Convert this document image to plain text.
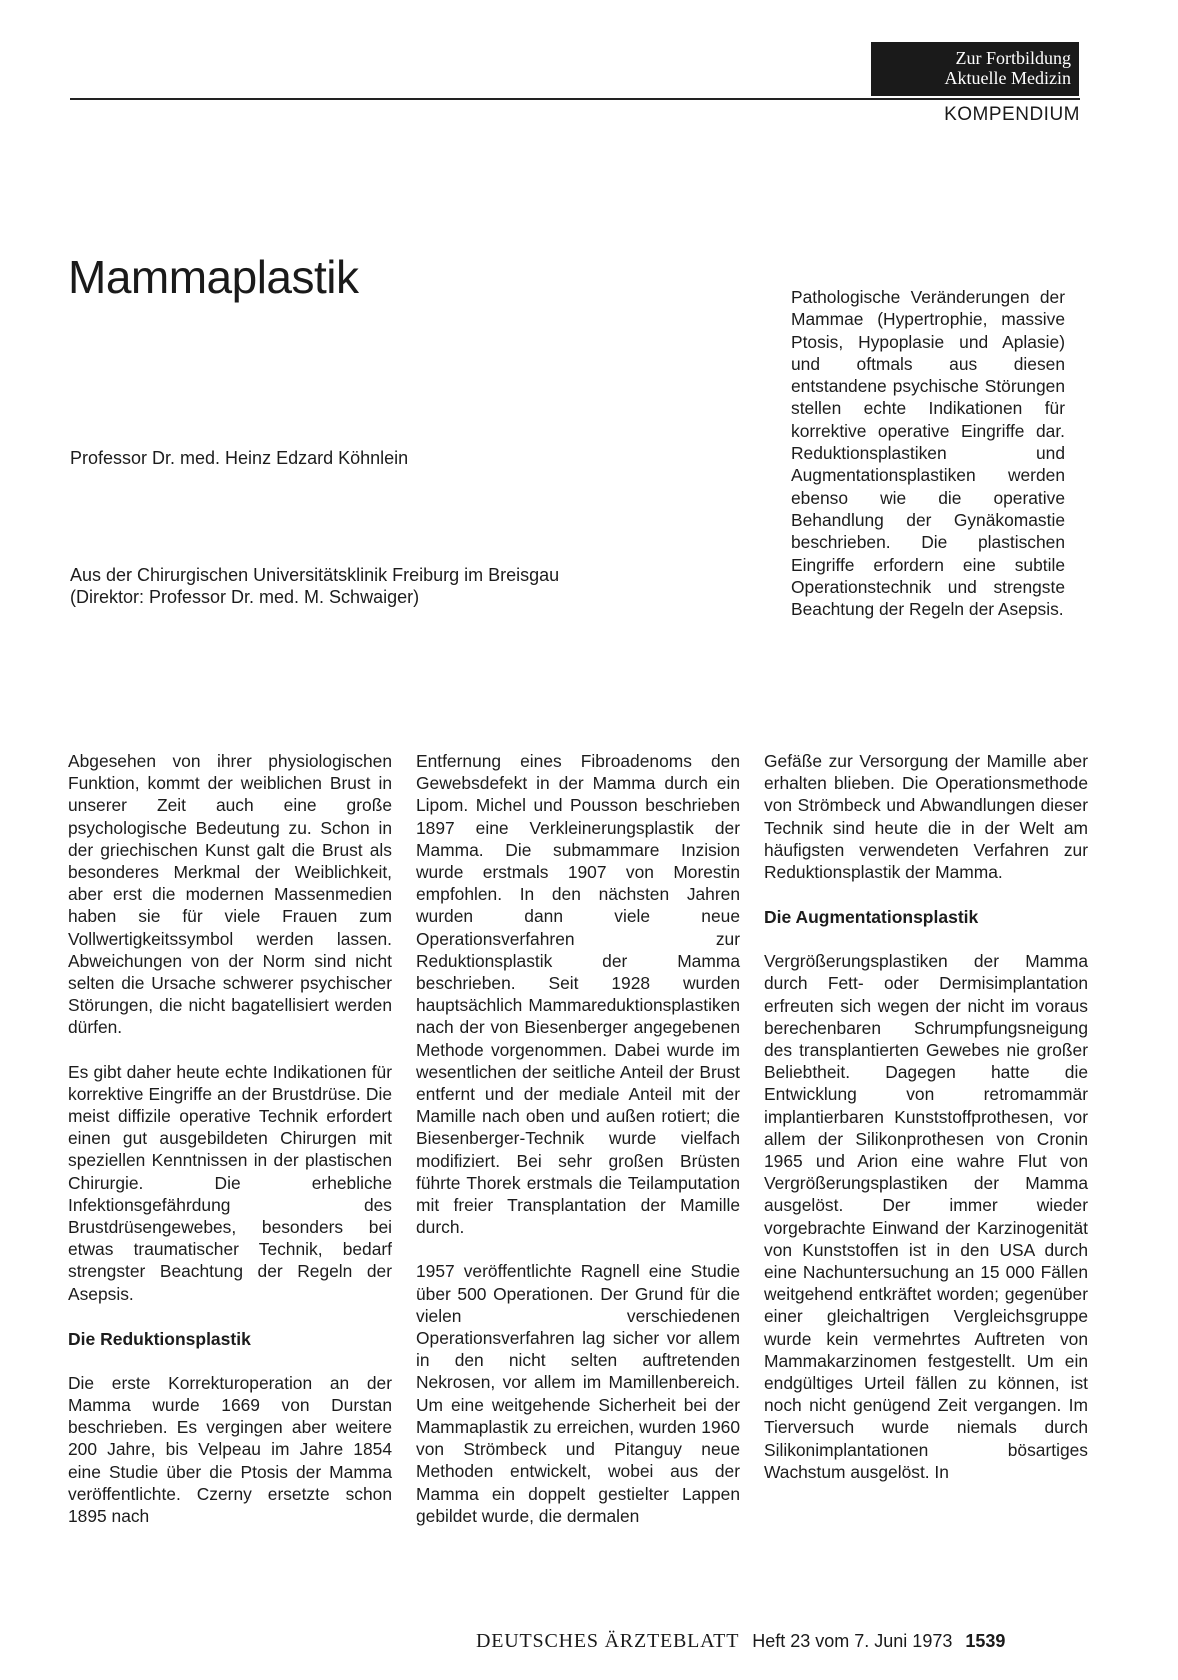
Zur Fortbildung
Aktuelle Medizin
KOMPENDIUM
Mammaplastik
Professor Dr. med. Heinz Edzard Köhnlein
Aus der Chirurgischen Universitätsklinik Freiburg im Breisgau
(Direktor: Professor Dr. med. M. Schwaiger)
Pathologische Veränderungen der Mammae (Hypertrophie, massive Ptosis, Hypoplasie und Aplasie) und oftmals aus diesen entstandene psychische Störungen stellen echte Indikationen für korrektive operative Eingriffe dar. Reduktionsplastiken und Augmentationsplastiken werden ebenso wie die operative Behandlung der Gynäkomastie beschrieben. Die plastischen Eingriffe erfordern eine subtile Operationstechnik und strengste Beachtung der Regeln der Asepsis.

Abgesehen von ihrer physiologischen Funktion, kommt der weiblichen Brust in unserer Zeit auch eine große psychologische Bedeutung zu. Schon in der griechischen Kunst galt die Brust als besonderes Merkmal der Weiblichkeit, aber erst die modernen Massenmedien haben sie für viele Frauen zum Vollwertigkeitssymbol werden lassen. Abweichungen von der Norm sind nicht selten die Ursache schwerer psychischer Störungen, die nicht bagatellisiert werden dürfen.

Es gibt daher heute echte Indikationen für korrektive Eingriffe an der Brustdrüse. Die meist diffizile operative Technik erfordert einen gut ausgebildeten Chirurgen mit speziellen Kenntnissen in der plastischen Chirurgie. Die erhebliche Infektionsgefährdung des Brustdrüsengewebes, besonders bei etwas traumatischer Technik, bedarf strengster Beachtung der Regeln der Asepsis.

Die Reduktionsplastik

Die erste Korrekturoperation an der Mamma wurde 1669 von Durstan beschrieben. Es vergingen aber weitere 200 Jahre, bis Velpeau im Jahre 1854 eine Studie über die Ptosis der Mamma veröffentlichte. Czerny ersetzte schon 1895 nach

Entfernung eines Fibroadenoms den Gewebsdefekt in der Mamma durch ein Lipom. Michel und Pousson beschrieben 1897 eine Verkleinerungsplastik der Mamma. Die submammare Inzision wurde erstmals 1907 von Morestin empfohlen. In den nächsten Jahren wurden dann viele neue Operationsverfahren zur Reduktionsplastik der Mamma beschrieben. Seit 1928 wurden hauptsächlich Mammareduktionsplastiken nach der von Biesenberger angegebenen Methode vorgenommen. Dabei wurde im wesentlichen der seitliche Anteil der Brust entfernt und der mediale Anteil mit der Mamille nach oben und außen rotiert; die Biesenberger-Technik wurde vielfach modifiziert. Bei sehr großen Brüsten führte Thorek erstmals die Teilamputation mit freier Transplantation der Mamille durch.

1957 veröffentlichte Ragnell eine Studie über 500 Operationen. Der Grund für die vielen verschiedenen Operationsverfahren lag sicher vor allem in den nicht selten auftretenden Nekrosen, vor allem im Mamillenbereich. Um eine weitgehende Sicherheit bei der Mammaplastik zu erreichen, wurden 1960 von Strömbeck und Pitanguy neue Methoden entwickelt, wobei aus der Mamma ein doppelt gestielter Lappen gebildet wurde, die dermalen

Gefäße zur Versorgung der Mamille aber erhalten blieben. Die Operationsmethode von Strömbeck und Abwandlungen dieser Technik sind heute die in der Welt am häufigsten verwendeten Verfahren zur Reduktionsplastik der Mamma.

Die Augmentationsplastik

Vergrößerungsplastiken der Mamma durch Fett- oder Dermisimplantation erfreuten sich wegen der nicht im voraus berechenbaren Schrumpfungsneigung des transplantierten Gewebes nie großer Beliebtheit. Dagegen hatte die Entwicklung von retromammär implantierbaren Kunststoffprothesen, vor allem der Silikonprothesen von Cronin 1965 und Arion eine wahre Flut von Vergrößerungsplastiken der Mamma ausgelöst. Der immer wieder vorgebrachte Einwand der Karzinogenität von Kunststoffen ist in den USA durch eine Nachuntersuchung an 15 000 Fällen weitgehend entkräftet worden; gegenüber einer gleichaltrigen Vergleichsgruppe wurde kein vermehrtes Auftreten von Mammakarzinomen festgestellt. Um ein endgültiges Urteil fällen zu können, ist noch nicht genügend Zeit vergangen. Im Tierversuch wurde niemals durch Silikonimplantationen bösartiges Wachstum ausgelöst. In

DEUTSCHES ÄRZTEBLATT Heft 23 vom 7. Juni 1973 1539
